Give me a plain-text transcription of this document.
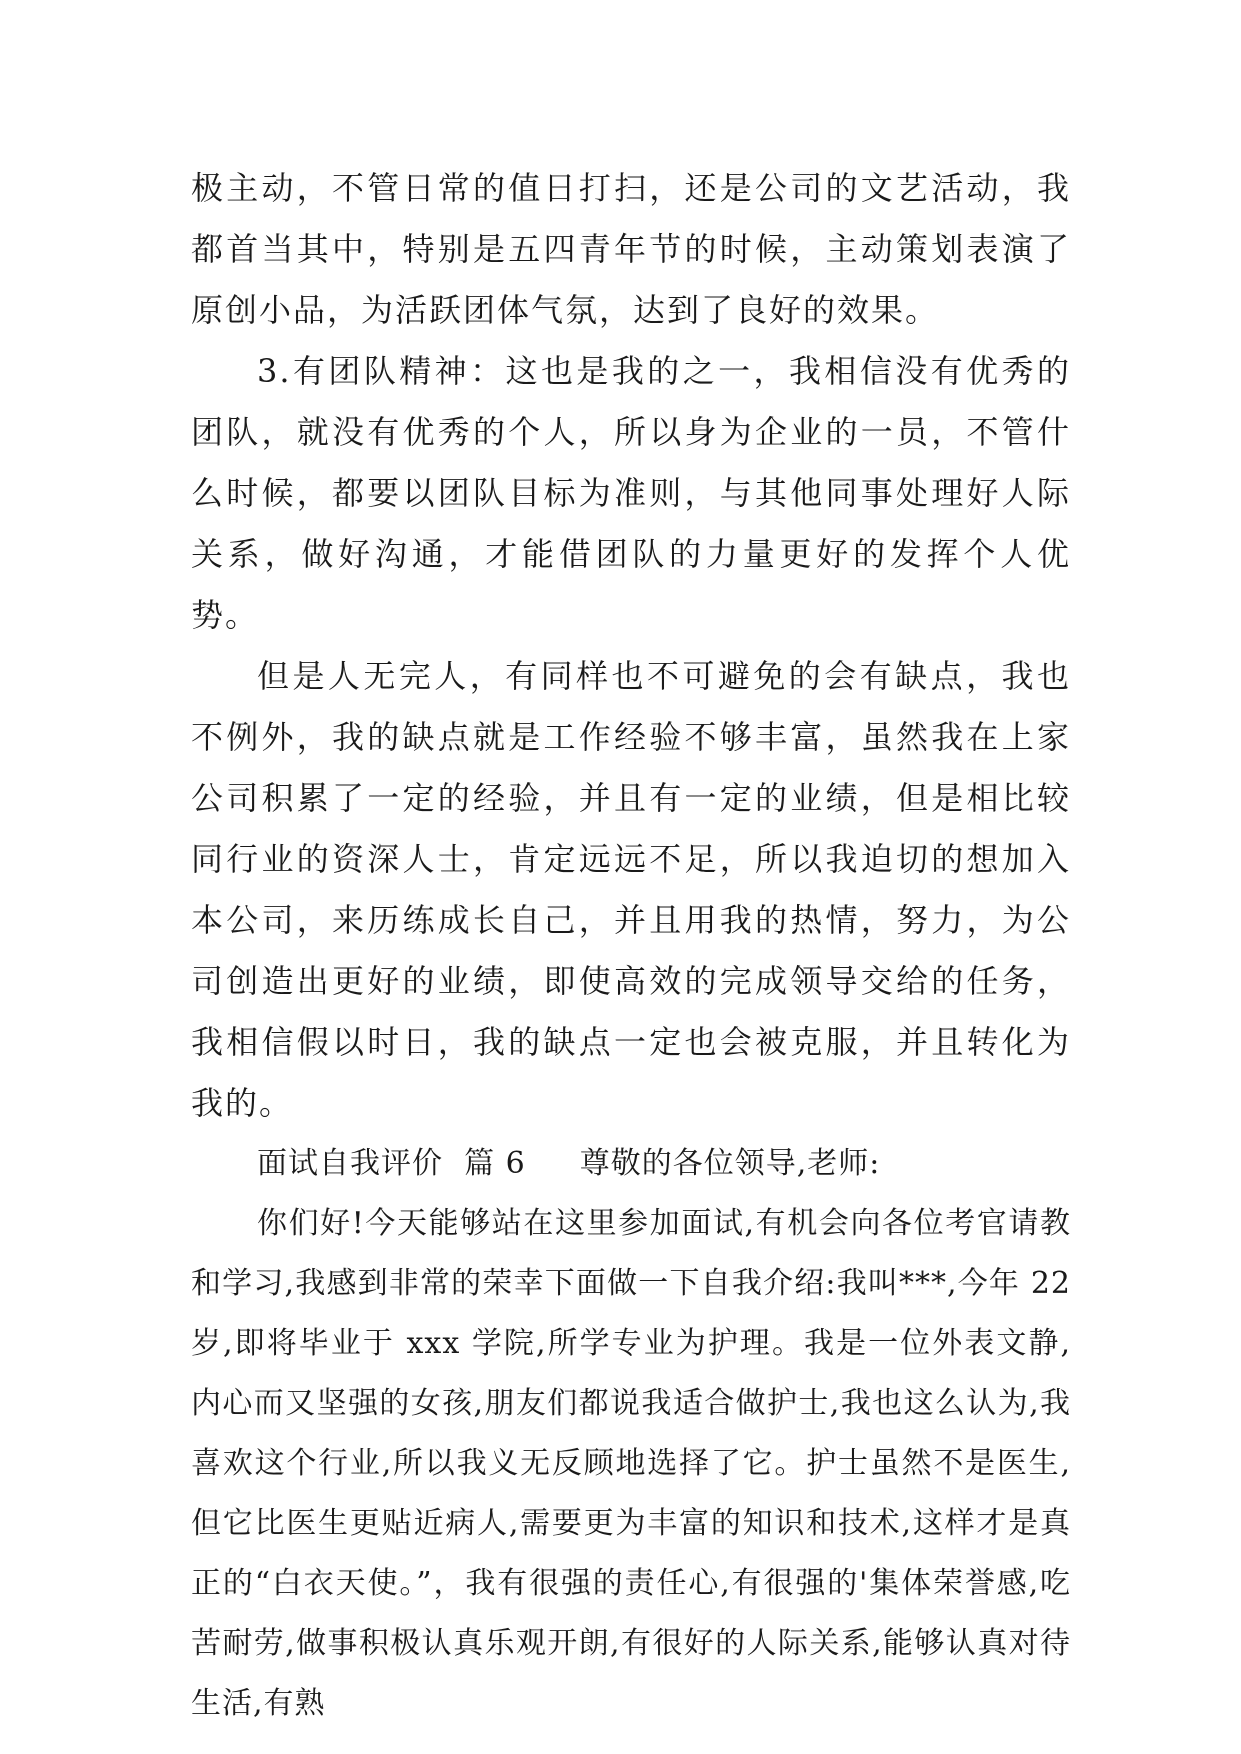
极主动，不管日常的值日打扫，还是公司的文艺活动，我都首当其中，特别是五四青年节的时候，主动策划表演了原创小品，为活跃团体气氛，达到了良好的效果。

3.有团队精神：这也是我的之一，我相信没有优秀的团队，就没有优秀的个人，所以身为企业的一员，不管什么时候，都要以团队目标为准则，与其他同事处理好人际关系，做好沟通，才能借团队的力量更好的发挥个人优势。

但是人无完人，有同样也不可避免的会有缺点，我也不例外，我的缺点就是工作经验不够丰富，虽然我在上家公司积累了一定的经验，并且有一定的业绩，但是相比较同行业的资深人士，肯定远远不足，所以我迫切的想加入本公司，来历练成长自己，并且用我的热情，努力，为公司创造出更好的业绩，即使高效的完成领导交给的任务，我相信假以时日，我的缺点一定也会被克服，并且转化为我的。

面试自我评价  篇 6 尊敬的各位领导,老师:

你们好!今天能够站在这里参加面试,有机会向各位考官请教和学习,我感到非常的荣幸下面做一下自我介绍:我叫***,今年 22 岁,即将毕业于 xxx 学院,所学专业为护理。我是一位外表文静,内心而又坚强的女孩,朋友们都说我适合做护士,我也这么认为,我喜欢这个行业,所以我义无反顾地选择了它。护士虽然不是医生,但它比医生更贴近病人,需要更为丰富的知识和技术,这样才是真正的“白衣天使。”，我有很强的责任心,有很强的'集体荣誉感,吃苦耐劳,做事积极认真乐观开朗,有很好的人际关系,能够认真对待生活,有熟
